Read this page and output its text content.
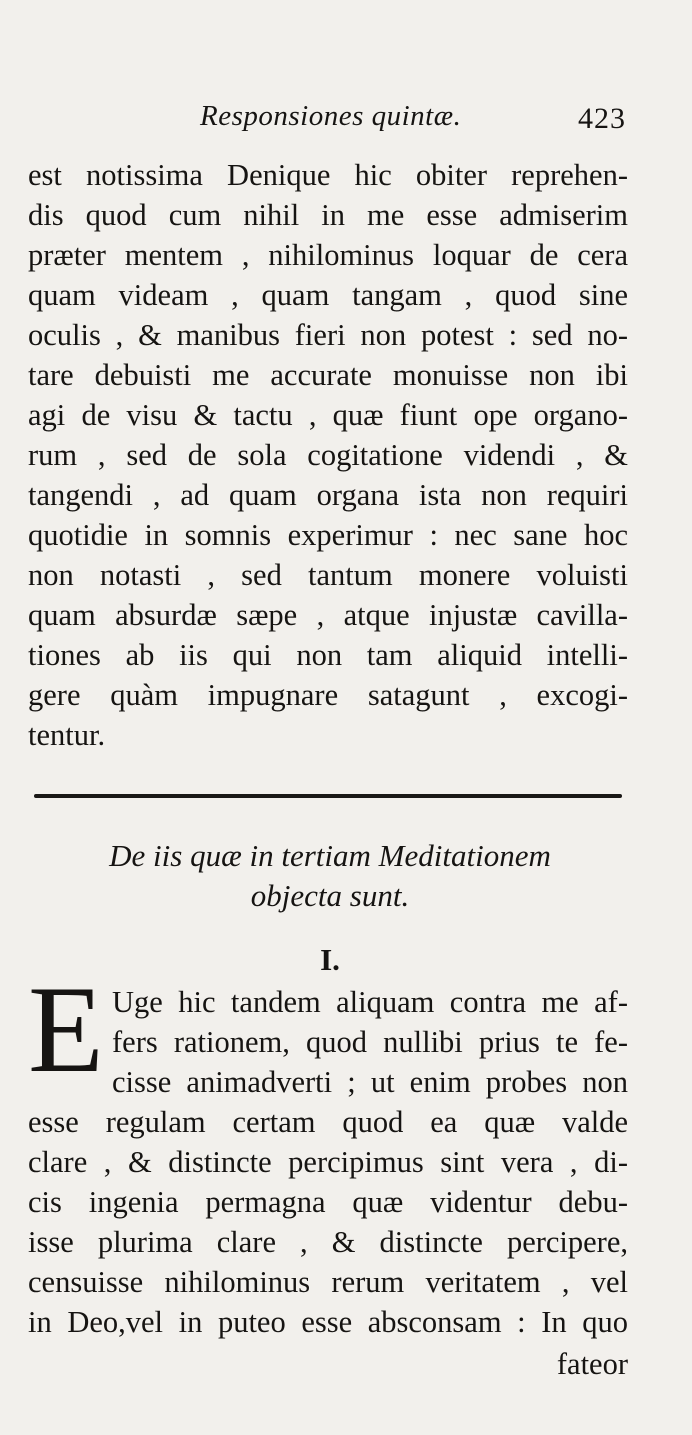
Responsiones quintæ.	423
est notissima Denique hic obiter reprehen-
dis quod cum nihil in me esse admiserim
præter mentem , nihilominus loquar de cera
quam videam , quam tangam , quod sine
oculis , & manibus fieri non potest : sed no-
tare debuisti me accurate monuisse non ibi
agi de visu & tactu , quæ fiunt ope organo-
rum , sed de sola cogitatione videndi , &
tangendi , ad quam organa ista non requiri
quotidie in somnis experimur : nec sane hoc
non notasti , sed tantum monere voluisti
quam absurdæ sæpe , atque injustæ cavilla-
tiones ab iis qui non tam aliquid intelli-
gere quàm impugnare satagunt , excogi-
tentur.
De iis quæ in tertiam Meditationem
objecta sunt.
I.
E Uge hic tandem aliquam contra me af-
fers rationem, quod nullibi prius te fe-
cisse animadverti ; ut enim probes non
esse regulam certam quod ea quæ valde
clare , & distincte percipimus sint vera , di-
cis ingenia permagna quæ videntur debu-
isse plurima clare , & distincte percipere,
censuisse nihilominus rerum veritatem , vel
in Deo,vel in puteo esse absconsam : In quo
fateor
